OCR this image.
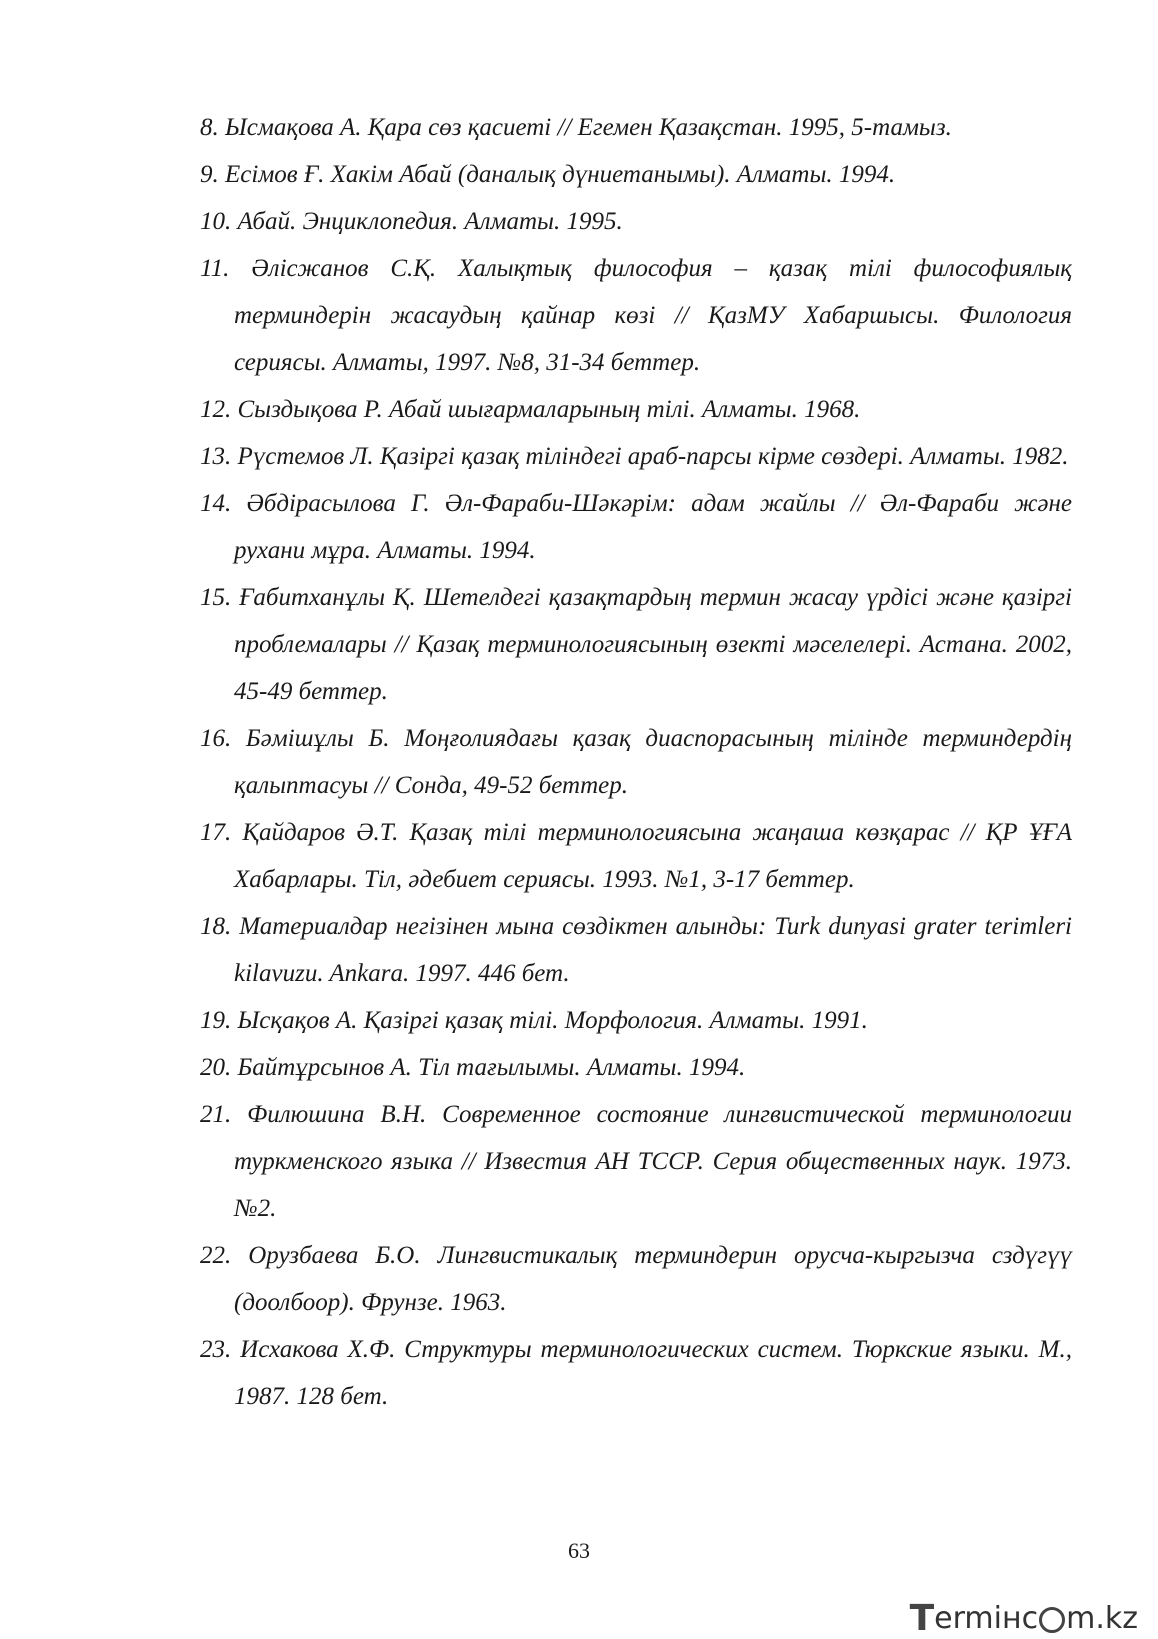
8. Ысмақова А. Қара сөз қасиеті // Егемен Қазақстан. 1995, 5-тамыз.
9. Есімов Ғ. Хакім Абай (даналық дүниетанымы). Алматы. 1994.
10. Абай. Энциклопедия. Алматы. 1995.
11. Әлісжанов С.Қ. Халықтық философия – қазақ тілі философиялық терминдерін жасаудың қайнар көзі // ҚазМУ Хабаршысы. Филология сериясы. Алматы, 1997. №8, 31-34 беттер.
12. Сыздықова Р. Абай шығармаларының тілі. Алматы. 1968.
13. Рүстемов Л. Қазіргі қазақ тіліндегі араб-парсы кірме сөздері. Алматы. 1982.
14. Әбдірасылова Г. Әл-Фараби-Шәкәрім: адам жайлы // Әл-Фараби және рухани мұра. Алматы. 1994.
15. Ғабитханұлы Қ. Шетелдегі қазақтардың термин жасау үрдісі және қазіргі проблемалары // Қазақ терминологиясының өзекті мәселелері. Астана. 2002, 45-49 беттер.
16. Бәмішұлы Б. Моңғолиядағы қазақ диаспорасының тілінде терминдердің қалыптасуы // Сонда, 49-52 беттер.
17. Қайдаров Ә.Т. Қазақ тілі терминологиясына жаңаша көзқарас // ҚР ҰҒА Хабарлары. Тіл, әдебиет сериясы. 1993. №1, 3-17 беттер.
18. Материалдар негізінен мына сөздіктен алынды: Turk dunyasi grater terimleri kilavuzu. Ankara. 1997. 446 бет.
19. Ысқақов А. Қазіргі қазақ тілі. Морфология. Алматы. 1991.
20. Байтұрсынов А. Тіл тағылымы. Алматы. 1994.
21. Филюшина В.Н. Современное состояние лингвистической терминологии туркменского языка // Известия АН ТССР. Серия общественных наук. 1973. №2.
22. Орузбаева Б.О. Лингвистикалық терминдерин орусча-кыргызча сздүгүү (доолбоор). Фрунзе. 1963.
23. Исхакова Х.Ф. Структуры терминологических систем. Тюркские языки. М., 1987. 128 бет.
63
T ermінc m.kz
